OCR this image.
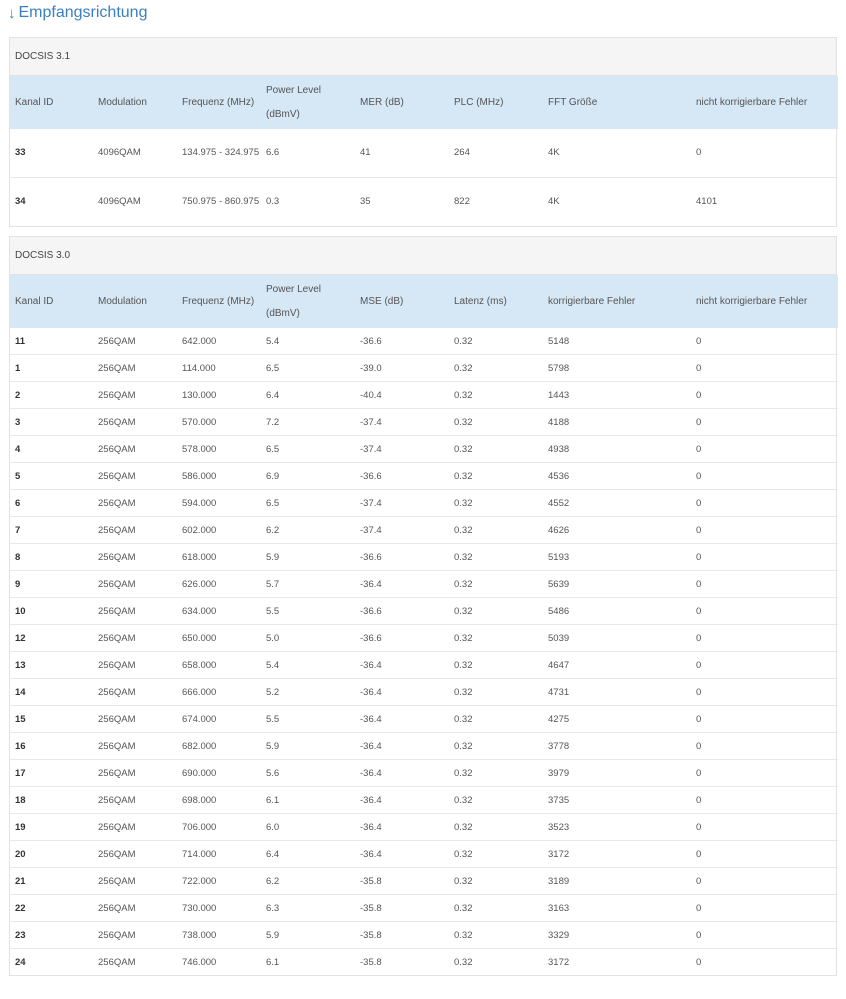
↓ Empfangsrichtung
DOCSIS 3.1
Kanal ID	Modulation	Frequenz (MHz)	Power Level (dBmV)	MER (dB)	PLC (MHz)	FFT Größe	nicht korrigierbare Fehler
33	4096QAM	134.975 - 324.975	6.6	41	264	4K	0
34	4096QAM	750.975 - 860.975	0.3	35	822	4K	4101
DOCSIS 3.0
Kanal ID	Modulation	Frequenz (MHz)	Power Level (dBmV)	MSE (dB)	Latenz (ms)	korrigierbare Fehler	nicht korrigierbare Fehler
11	256QAM	642.000	5.4	-36.6	0.32	5148	0
1	256QAM	114.000	6.5	-39.0	0.32	5798	0
2	256QAM	130.000	6.4	-40.4	0.32	1443	0
3	256QAM	570.000	7.2	-37.4	0.32	4188	0
4	256QAM	578.000	6.5	-37.4	0.32	4938	0
5	256QAM	586.000	6.9	-36.6	0.32	4536	0
6	256QAM	594.000	6.5	-37.4	0.32	4552	0
7	256QAM	602.000	6.2	-37.4	0.32	4626	0
8	256QAM	618.000	5.9	-36.6	0.32	5193	0
9	256QAM	626.000	5.7	-36.4	0.32	5639	0
10	256QAM	634.000	5.5	-36.6	0.32	5486	0
12	256QAM	650.000	5.0	-36.6	0.32	5039	0
13	256QAM	658.000	5.4	-36.4	0.32	4647	0
14	256QAM	666.000	5.2	-36.4	0.32	4731	0
15	256QAM	674.000	5.5	-36.4	0.32	4275	0
16	256QAM	682.000	5.9	-36.4	0.32	3778	0
17	256QAM	690.000	5.6	-36.4	0.32	3979	0
18	256QAM	698.000	6.1	-36.4	0.32	3735	0
19	256QAM	706.000	6.0	-36.4	0.32	3523	0
20	256QAM	714.000	6.4	-36.4	0.32	3172	0
21	256QAM	722.000	6.2	-35.8	0.32	3189	0
22	256QAM	730.000	6.3	-35.8	0.32	3163	0
23	256QAM	738.000	5.9	-35.8	0.32	3329	0
24	256QAM	746.000	6.1	-35.8	0.32	3172	0
